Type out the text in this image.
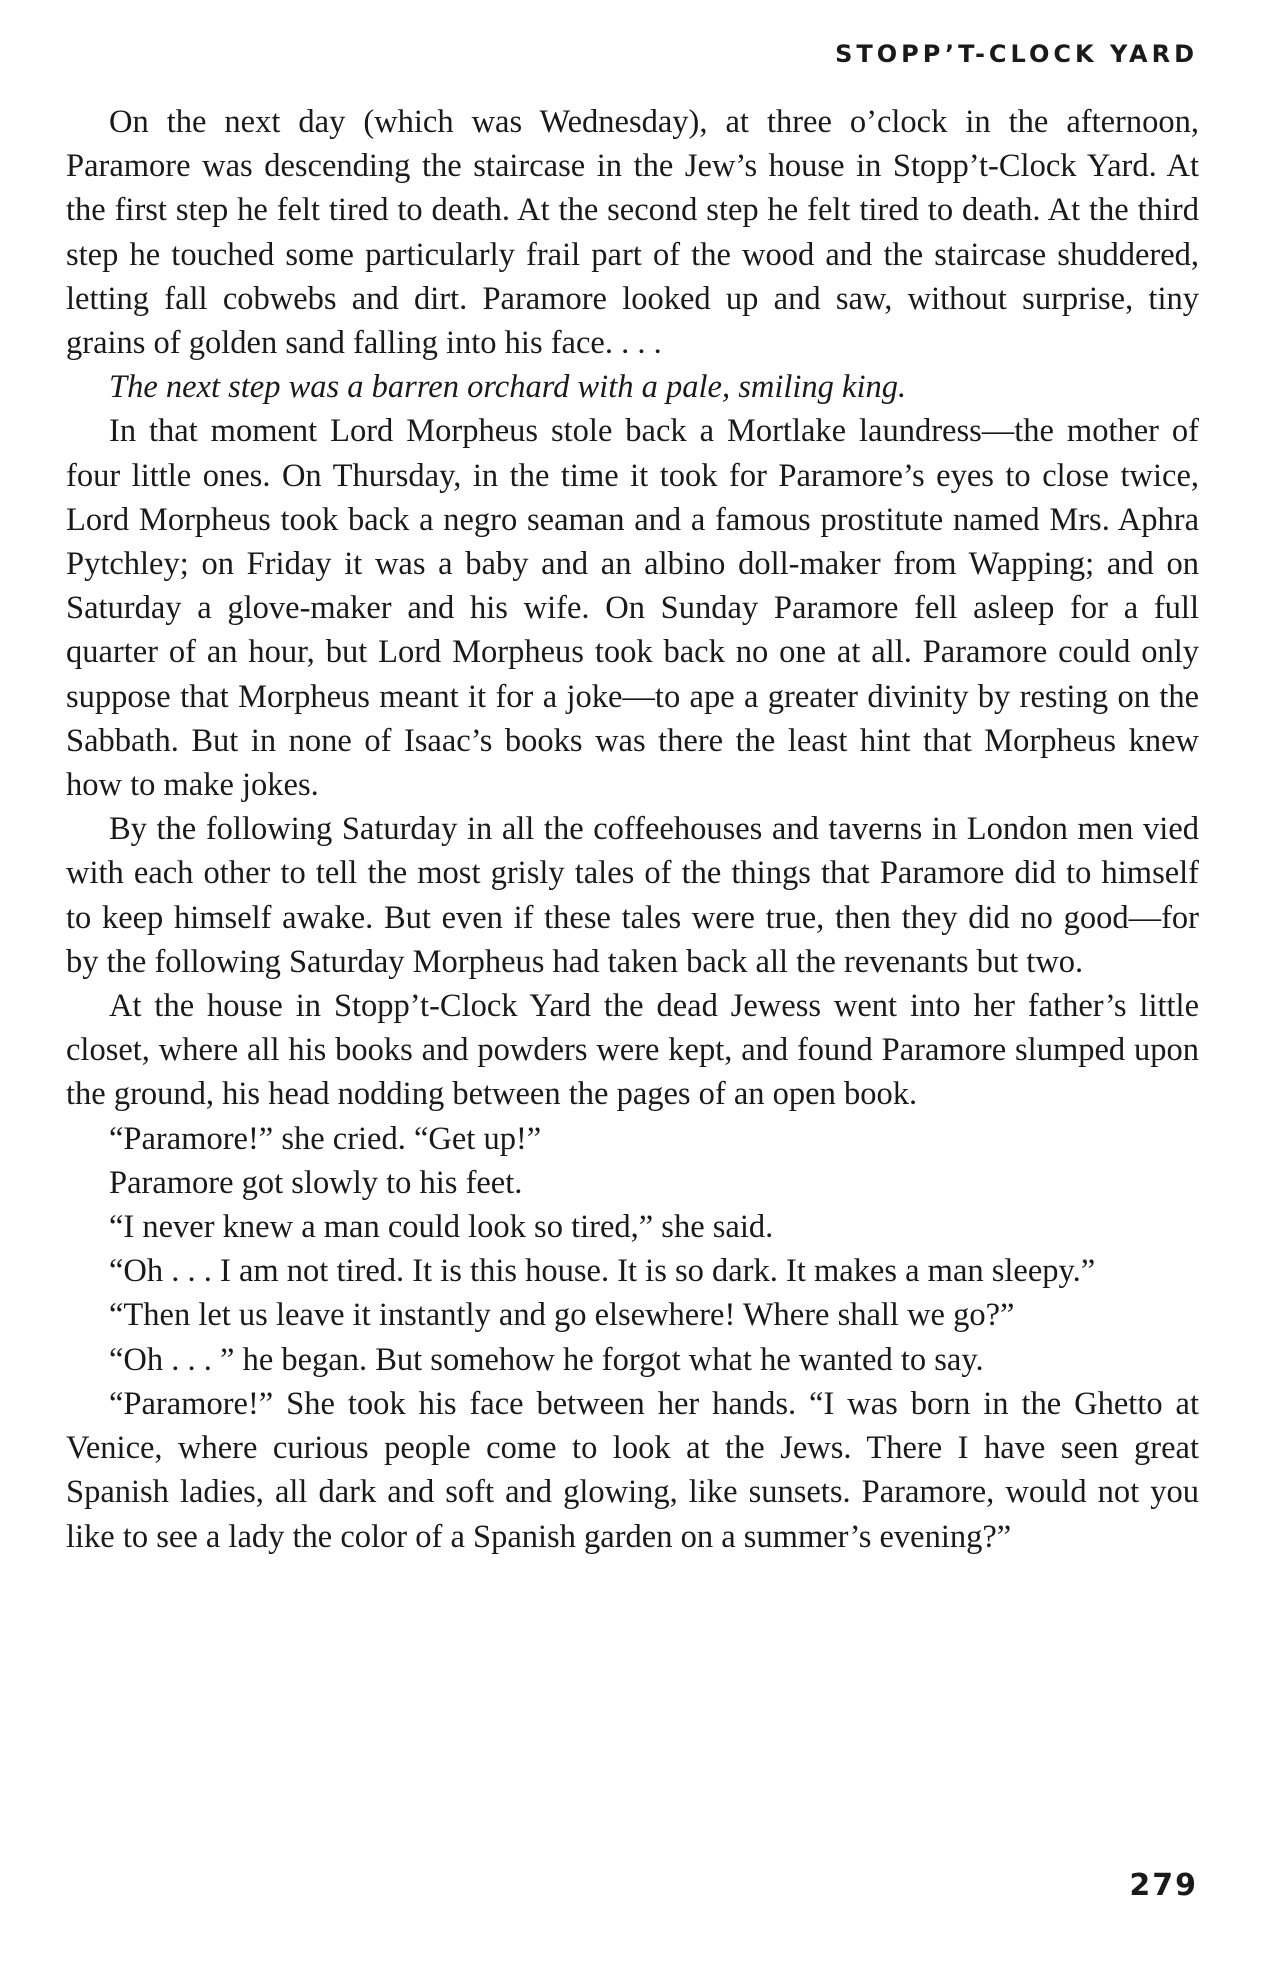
STOPP’T-CLOCK YARD

On the next day (which was Wednesday), at three o’clock in the afternoon, Paramore was descending the staircase in the Jew’s house in Stopp’t-Clock Yard. At the first step he felt tired to death. At the second step he felt tired to death. At the third step he touched some particularly frail part of the wood and the staircase shuddered, letting fall cobwebs and dirt. Paramore looked up and saw, without surprise, tiny grains of golden sand falling into his face. . . .

The next step was a barren orchard with a pale, smiling king.

In that moment Lord Morpheus stole back a Mortlake laundress—the mother of four little ones. On Thursday, in the time it took for Paramore’s eyes to close twice, Lord Morpheus took back a negro seaman and a famous prostitute named Mrs. Aphra Pytchley; on Friday it was a baby and an albino doll-maker from Wapping; and on Saturday a glove-maker and his wife. On Sunday Paramore fell asleep for a full quarter of an hour, but Lord Morpheus took back no one at all. Paramore could only suppose that Morpheus meant it for a joke—to ape a greater divinity by resting on the Sabbath. But in none of Isaac’s books was there the least hint that Morpheus knew how to make jokes.

By the following Saturday in all the coffeehouses and taverns in London men vied with each other to tell the most grisly tales of the things that Paramore did to himself to keep himself awake. But even if these tales were true, then they did no good—for by the following Saturday Morpheus had taken back all the revenants but two.

At the house in Stopp’t-Clock Yard the dead Jewess went into her father’s little closet, where all his books and powders were kept, and found Paramore slumped upon the ground, his head nodding between the pages of an open book.

“Paramore!” she cried. “Get up!”

Paramore got slowly to his feet.

“I never knew a man could look so tired,” she said.

“Oh . . . I am not tired. It is this house. It is so dark. It makes a man sleepy.”

“Then let us leave it instantly and go elsewhere! Where shall we go?”

“Oh . . . ” he began. But somehow he forgot what he wanted to say.

“Paramore!” She took his face between her hands. “I was born in the Ghetto at Venice, where curious people come to look at the Jews. There I have seen great Spanish ladies, all dark and soft and glowing, like sunsets. Paramore, would not you like to see a lady the color of a Spanish garden on a summer’s evening?”

279
